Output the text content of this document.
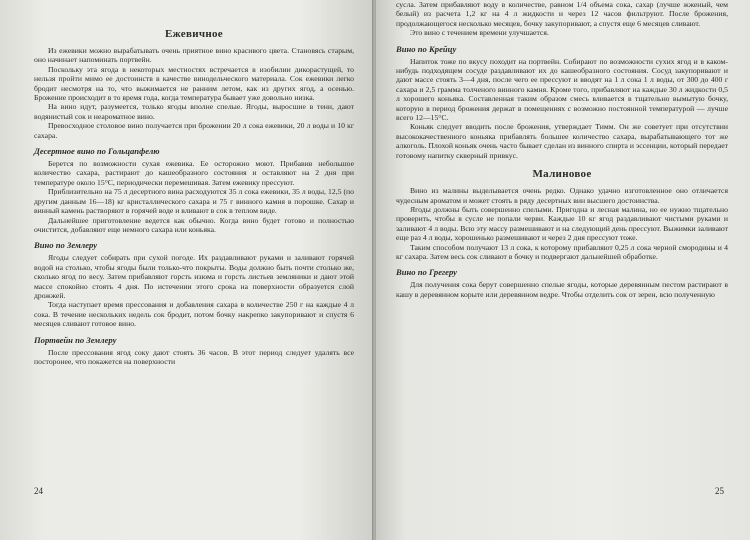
Ежевичное

Из ежевики можно вырабатывать очень приятное вино красивого цвета. Становясь старым, оно начинает напоминать портвейн.

Поскольку эта ягода в некоторых местностях встречается в изобилии дикорастущей, то нельзя пройти мимо ее достоинств в качестве винодельческого материала. Сок ежевики легко бродит несмотря на то, что выжимается не ранним летом, как из других ягод, а осенью. Брожение происходит в то время года, когда температура бывает уже довольно низка.

На вино идут, разумеется, только ягоды вполне спелые. Ягоды, выросшие в тени, дают водянистый сок и неароматное вино.

Превосходное столовое вино получается при брожении 20 л сока ежевики, 20 л воды и 10 кг сахара.

Десертное вино по Гольцапфелю

Берется по возможности сухая ежевика. Ее осторожно моют. Прибавив небольшое количество сахара, растирают до кашеобразного состояния и оставляют на 2 дня при температуре около 15°C, периодически перемешивая. Затем ежевику прессуют.

Приблизительно на 75 л десертного вина расходуются 35 л сока ежевики, 35 л воды, 12,5 (по другим данным 16—18) кг кристаллического сахара и 75 г винного камня в порошке. Сахар и винный камень растворяют в горячей воде и вливают в сок в теплом виде.

Дальнейшее приготовление ведется как обычно. Когда вино будет готово и полностью очистится, добавляют еще немного сахара или коньяка.

Вино по Землеру

Ягоды следует собирать при сухой погоде. Их раздавливают руками и заливают горячей водой на столько, чтобы ягоды были только-что покрыты. Воды должно быть почти столько же, сколько ягод по весу. Затем прибавляют горсть изюма и горсть листьев земляники и дают этой массе спокойно стоять 4 дня. По истечении этого срока на поверхности образуется слой дрожжей.

Тогда наступает время прессования и добавления сахара в количестве 250 г на каждые 4 л сока. В течение нескольких недель сок бродит, потом бочку накрепко закупоривают и спустя 6 месяцев сливают готовое вино.

Портвейн по Землеру

После прессования ягод соку дают стоять 36 часов. В этот период следует удалять все посторонее, что покажется на поверхности

24

сусла. Затем прибавляют воду в количестве, равном 1/4 объема сока, сахар (лучше жженый, чем белый) из расчета 1,2 кг на 4 л жидкости и через 12 часов фильтруют. После брожения, продолжающегося несколько месяцев, бочку закупоривают, а спустя еще 6 месяцев сливают.

Это вино с течением времени улучшается.

Вино по Крейцу

Напиток тоже по вкусу походит на портвейн. Собирают по возможности сухих ягод и в каком-нибудь подходящем сосуде раздавливают их до кашеобразного состояния. Сосуд закупоривают и дают массе стоять 3—4 дня, после чего ее прессуют и вводят на 1 л сока 1 л воды, от 300 до 400 г сахара и 2,5 грамма толченого винного камня. Кроме того, прибавляют на каждые 30 л жидкости 0,5 л хорошего коньяка. Составленная таким образом смесь вливается в тщательно вымытую бочку, которую в период брожения держат в помещениях с возможно постоянной температурой — лучше всего 12—15°C.

Коньяк следует вводить после брожения, утверждает Тимм. Он же советует при отсутствии высококачественного коньяка прибавлять большее количество сахара, вырабатывающего тот же алкоголь. Плохой коньяк очень часто бывает сделан из винного спирта и эссенции, который передает готовому напитку скверный привкус.

Малиновое

Вино из малины выделывается очень редко. Однако удачно изготовленное оно отличается чудесным ароматом и может стоять в ряду десертных вин высшего достоинства.

Ягоды должны быть совершенно спелыми. Пригодна и лесная малина, но ее нужно тщательно проверить, чтобы в сусле не попали черви. Каждые 10 кг ягод раздавливают чистыми руками и заливают 4 л воды. Всю эту массу размешивают и на следующий день прессуют. Выжимки заливают еще раз 4 л воды, хорошенько размешивают и через 2 дня прессуют тоже.

Таким способом получают 13 л сока, к которому прибавляют 0,25 л сока черной смородины и 4 кг сахара. Затем весь сок сливают в бочку и подвергают дальнейшей обработке.

Вино по Грегеру

Для получения сока берут совершенно спелые ягоды, которые деревянным пестом растирают в кашу в деревянном корыте или деревянном ведре. Чтобы отделить сок от зерен, всю полученную

25
